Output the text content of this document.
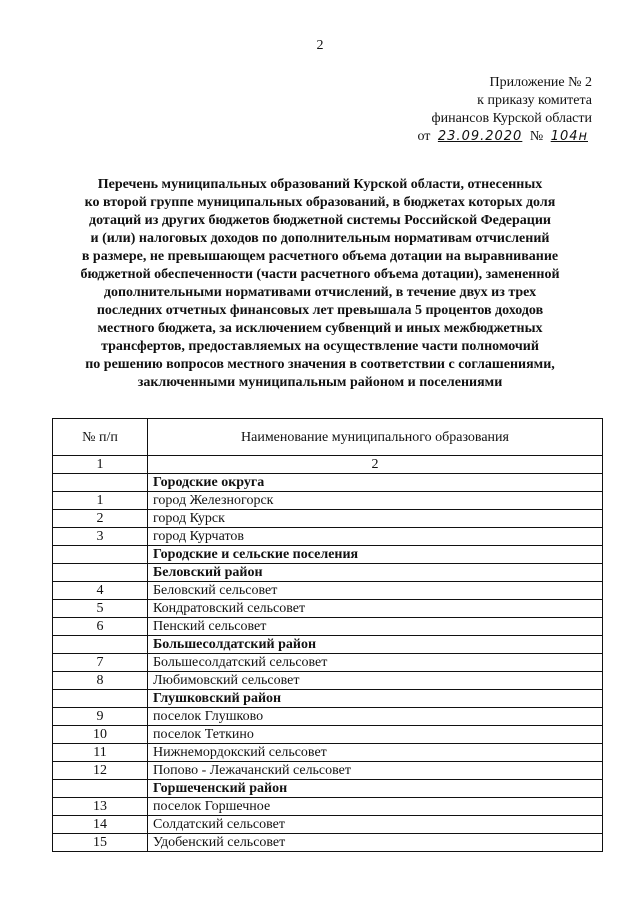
2
Приложение № 2
к приказу комитета
финансов Курской области
от 23.09.2020 № 104н
Перечень муниципальных образований Курской области, отнесенных
ко второй группе муниципальных образований, в бюджетах которых доля
дотаций из других бюджетов бюджетной системы Российской Федерации
и (или) налоговых доходов по дополнительным нормативам отчислений
в размере, не превышающем расчетного объема дотации на выравнивание
бюджетной обеспеченности (части расчетного объема дотации), замененной
дополнительными нормативами отчислений, в течение двух из трех
последних отчетных финансовых лет превышала 5 процентов доходов
местного бюджета, за исключением субвенций и иных межбюджетных
трансфертов, предоставляемых на осуществление части полномочий
по решению вопросов местного значения в соответствии с соглашениями,
заключенными муниципальным районом и поселениями
№ п/п	Наименование муниципального образования
1	2
	Городские округа
1	город Железногорск
2	город Курск
3	город Курчатов
	Городские и сельские поселения
	Беловский район
4	Беловский сельсовет
5	Кондратовский сельсовет
6	Пенский сельсовет
	Большесолдатский район
7	Большесолдатский сельсовет
8	Любимовский сельсовет
	Глушковский район
9	поселок Глушково
10	поселок Теткино
11	Нижнемордокский сельсовет
12	Попово - Лежачанский сельсовет
	Горшеченский район
13	поселок Горшечное
14	Солдатский сельсовет
15	Удобенский сельсовет
